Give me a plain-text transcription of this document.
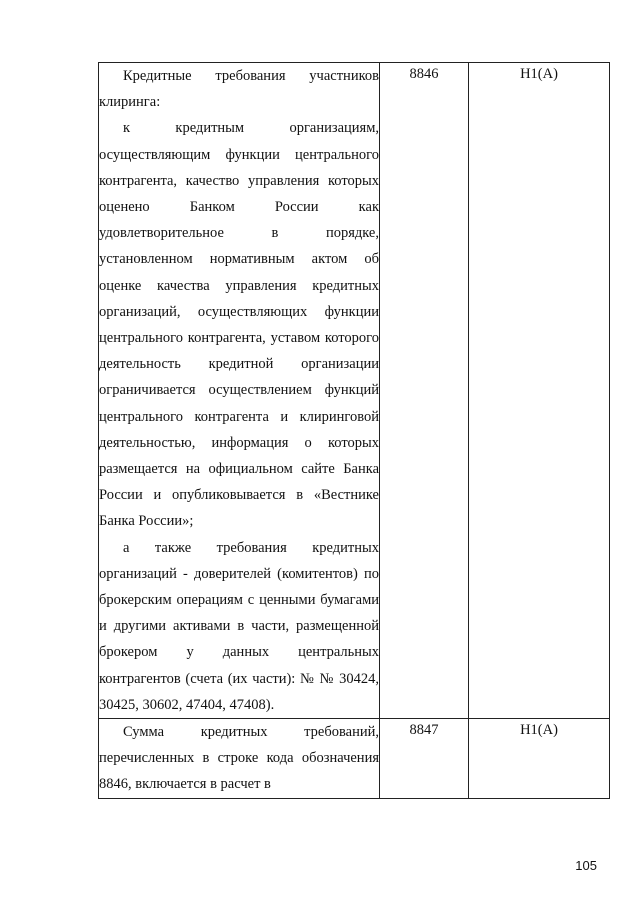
Кредитные требования участников клиринга:

к кредитным организациям, осуществляющим функции центрального контрагента, качество управления которых оценено Банком России как удовлетворительное в порядке, установленном нормативным актом об оценке качества управления кредитных организаций, осуществляющих функции центрального контрагента, уставом которого деятельность кредитной организации ограничивается осуществлением функций центрального контрагента и клиринговой деятельностью, информация о которых размещается на официальном сайте Банка России и опубликовывается в «Вестнике Банка России»;

а также требования кредитных организаций - доверителей (комитентов) по брокерским операциям с ценными бумагами и другими активами в части, размещенной брокером у данных центральных контрагентов (счета (их части): № № 30424, 30425, 30602, 47404, 47408).	8846	Н1(А)

Сумма кредитных требований, перечисленных в строке кода обозначения 8846, включается в расчет в	8847	Н1(А)
105
